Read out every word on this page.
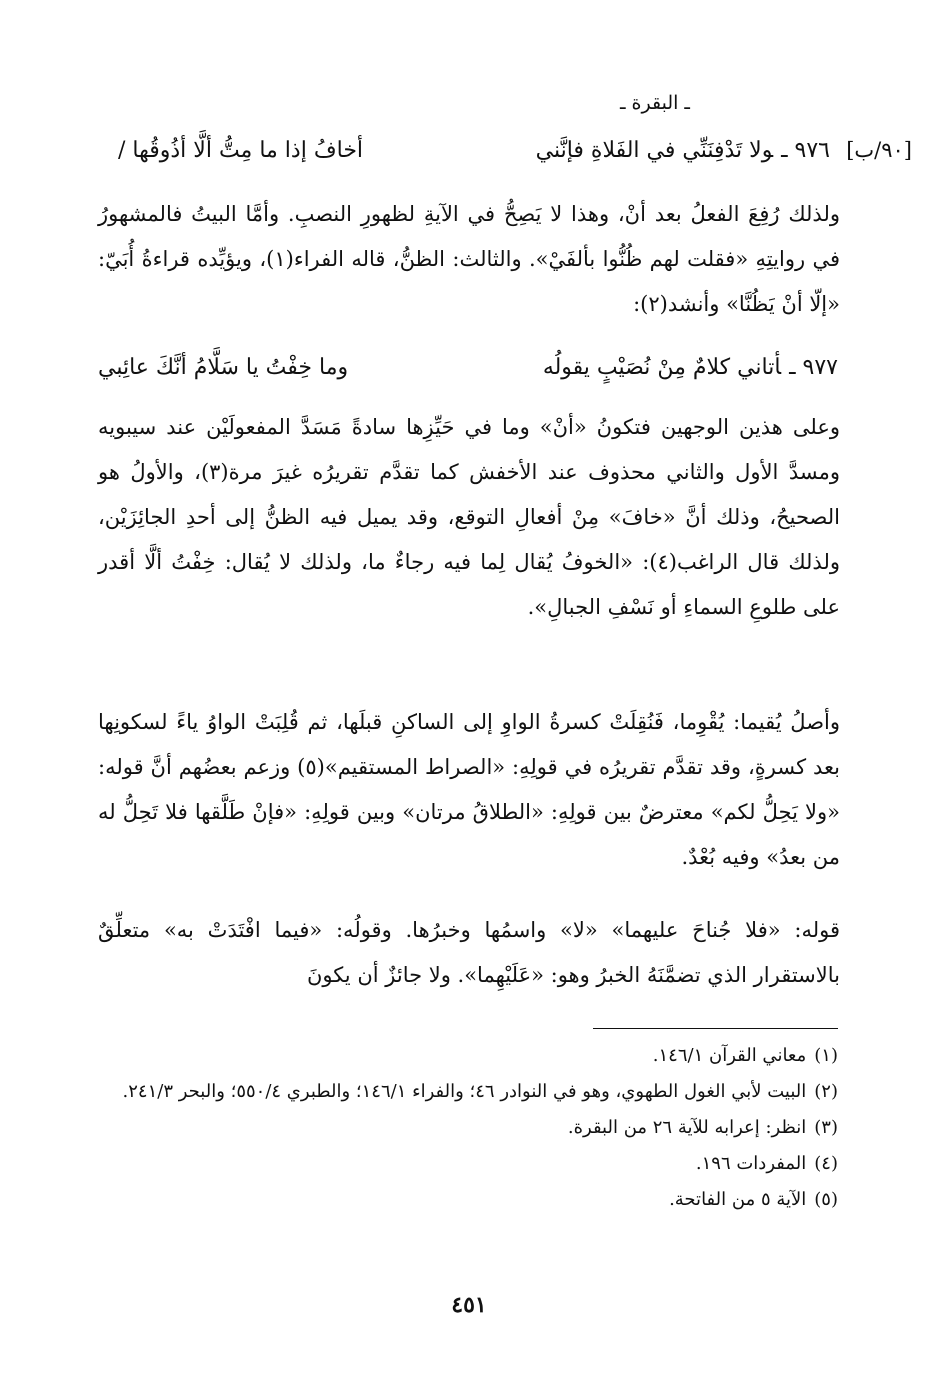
ـ البقرة ـ
[٩٠/ب]
٩٧٦ ـولا تَدْفِنَنِّي في الفَلاةِ فإنَّني
أخافُ إذا ما مِتُّ ألَّا أذُوقُها /
ولذلك رُفِعَ الفعلُ بعد أنْ، وهذا لا يَصِحُّ في الآيةِ لظهورِ النصبِ. وأمَّا البيتُ فالمشهورُ في روايتِهِ «فقلت لهم ظُنُّوا بألفَيْ». والثالث: الظنُّ، قاله الفراء(١)، ويؤيِّده قراءةُ أُبَيّ: «إلّا أنْ يَظُنَّا» وأنشد(٢):
٩٧٧ ـأتاني كلامٌ مِنْ نُصَيْبٍ يقولُه
وما خِفْتُ يا سَلَّامُ أنَّكَ عائِبي
وعلى هذين الوجهين فتكونُ «أنْ» وما في حَيِّزِها سادةً مَسَدَّ المفعولَيْن عند سيبويه ومسدَّ الأول والثاني محذوف عند الأخفش كما تقدَّم تقريرُه غيرَ مرة(٣)، والأولُ هو الصحيحُ، وذلك أنَّ «خافَ» مِنْ أفعالِ التوقع، وقد يميل فيه الظنُّ إلى أحدِ الجائِزَيْن، ولذلك قال الراغب(٤): «الخوفُ يُقال لِما فيه رجاءٌ ما، ولذلك لا يُقال: خِفْتُ ألَّا أقدر على طلوعِ السماءِ أو نَسْفِ الجبالِ».
وأصلُ يُقيما: يُقْوِما، فَنُقِلَتْ كسرةُ الواوِ إلى الساكنِ قبلَها، ثم قُلِبَتْ الواوُ ياءً لسكونِها بعد كسرةٍ، وقد تقدَّم تقريرُه في قولِهِ: «الصراط المستقيم»(٥) وزعم بعضُهم أنَّ قوله: «ولا يَحِلُّ لكم» معترضٌ بين قولِهِ: «الطلاقُ مرتان» وبين قولِهِ: «فإنْ طَلَّقها فلا تَحِلُّ له من بعدُ» وفيه بُعْدٌ.
قوله: «فلا جُناحَ عليهما» «لا» واسمُها وخبرُها. وقولُه: «فيما افْتَدَتْ به» متعلِّقٌ بالاستقرار الذي تضمَّنَهُ الخبرُ وهو: «عَلَيْهِما». ولا جائزٌ أن يكونَ
(١)معاني القرآن ١٤٦/١.
(٢)البيت لأبي الغول الطهوي، وهو في النوادر ٤٦؛ والفراء ١٤٦/١؛ والطبري ٥٥٠/٤؛ والبحر ٢٤١/٣.
(٣)انظر: إعرابه للآية ٢٦ من البقرة.
(٤)المفردات ١٩٦.
(٥)الآية ٥ من الفاتحة.
٤٥١
